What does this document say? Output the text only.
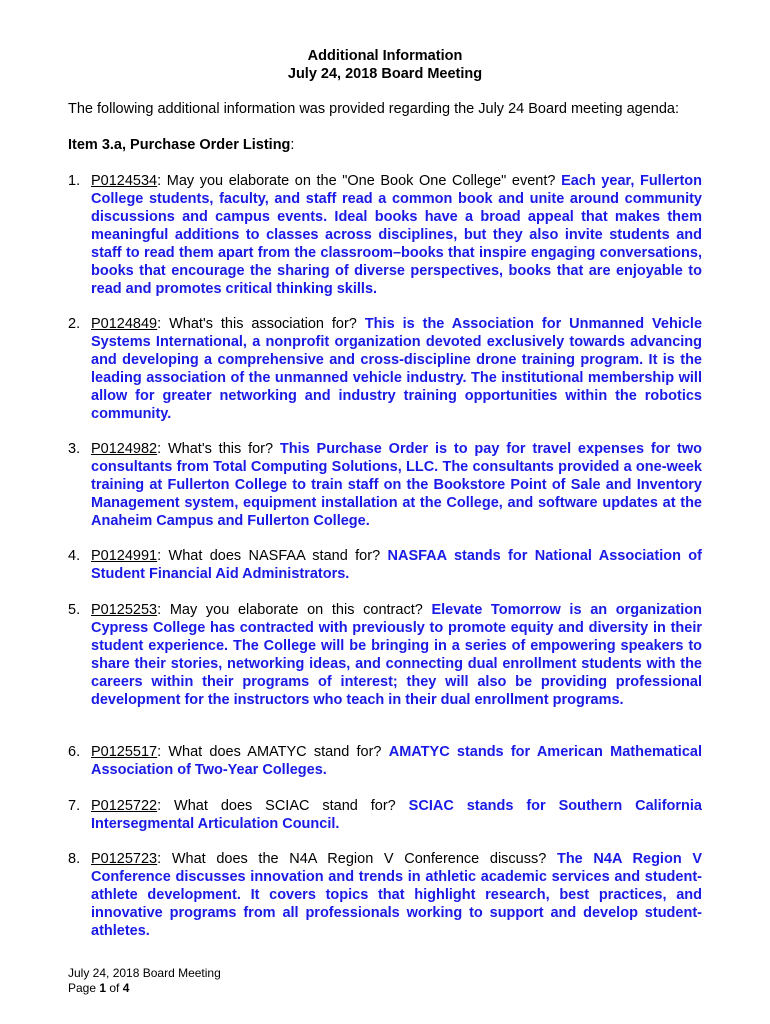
Additional Information
July 24, 2018 Board Meeting
The following additional information was provided regarding the July 24 Board meeting agenda:
Item 3.a, Purchase Order Listing:
1. P0124534: May you elaborate on the "One Book One College" event? Each year, Fullerton College students, faculty, and staff read a common book and unite around community discussions and campus events. Ideal books have a broad appeal that makes them meaningful additions to classes across disciplines, but they also invite students and staff to read them apart from the classroom–books that inspire engaging conversations, books that encourage the sharing of diverse perspectives, books that are enjoyable to read and promotes critical thinking skills.
2. P0124849: What's this association for? This is the Association for Unmanned Vehicle Systems International, a nonprofit organization devoted exclusively towards advancing and developing a comprehensive and cross-discipline drone training program. It is the leading association of the unmanned vehicle industry. The institutional membership will allow for greater networking and industry training opportunities within the robotics community.
3. P0124982: What's this for? This Purchase Order is to pay for travel expenses for two consultants from Total Computing Solutions, LLC. The consultants provided a one-week training at Fullerton College to train staff on the Bookstore Point of Sale and Inventory Management system, equipment installation at the College, and software updates at the Anaheim Campus and Fullerton College.
4. P0124991: What does NASFAA stand for? NASFAA stands for National Association of Student Financial Aid Administrators.
5. P0125253: May you elaborate on this contract? Elevate Tomorrow is an organization Cypress College has contracted with previously to promote equity and diversity in their student experience. The College will be bringing in a series of empowering speakers to share their stories, networking ideas, and connecting dual enrollment students with the careers within their programs of interest; they will also be providing professional development for the instructors who teach in their dual enrollment programs.
6. P0125517: What does AMATYC stand for? AMATYC stands for American Mathematical Association of Two-Year Colleges.
7. P0125722: What does SCIAC stand for? SCIAC stands for Southern California Intersegmental Articulation Council.
8. P0125723: What does the N4A Region V Conference discuss? The N4A Region V Conference discusses innovation and trends in athletic academic services and student-athlete development. It covers topics that highlight research, best practices, and innovative programs from all professionals working to support and develop student-athletes.
July 24, 2018 Board Meeting
Page 1 of 4
